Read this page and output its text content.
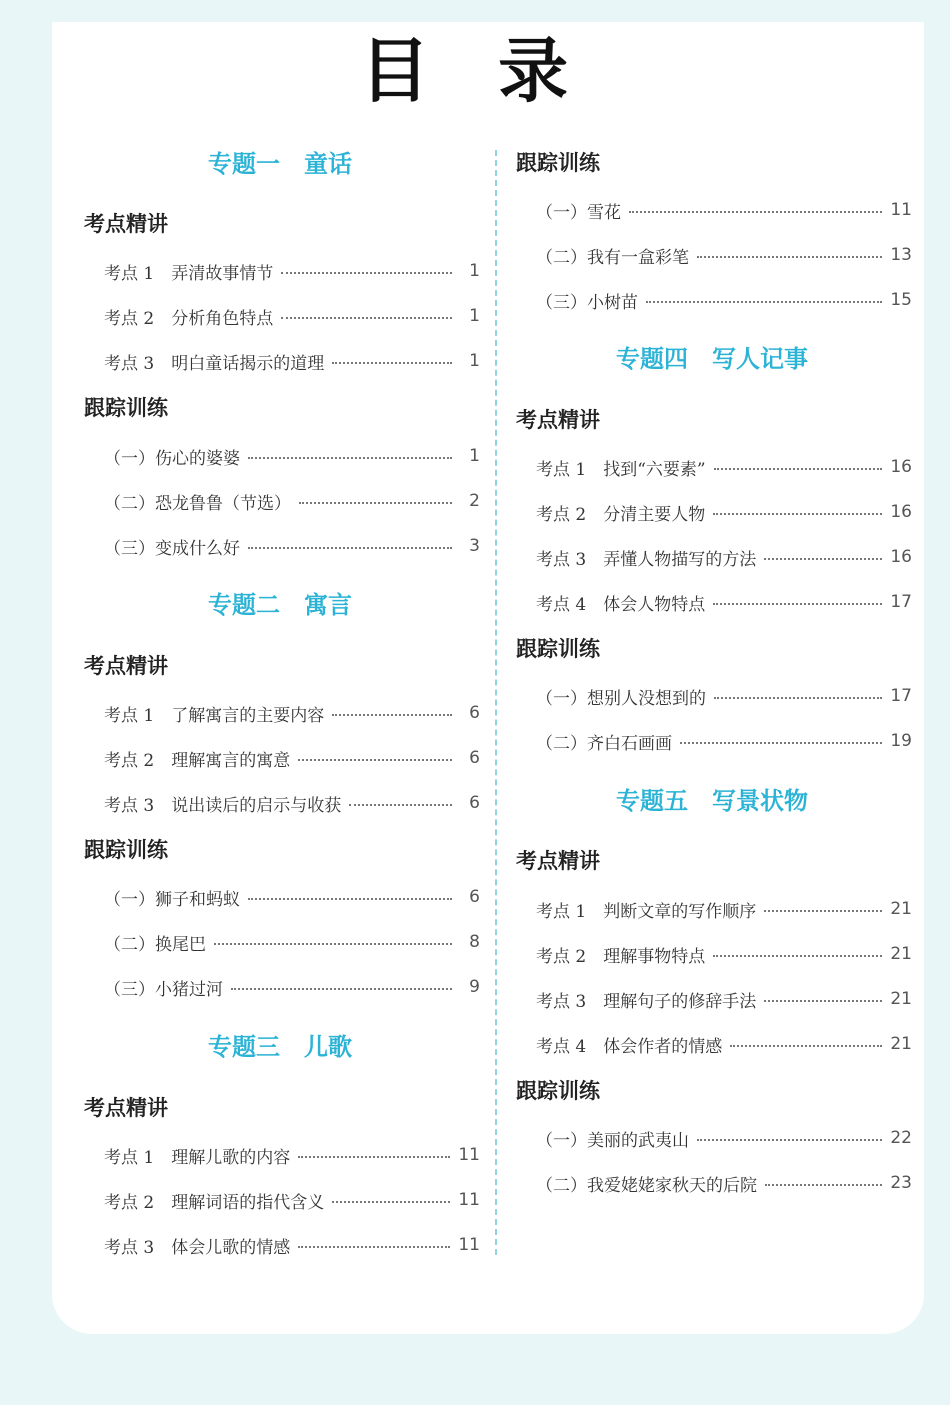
目 录
专题一　童话
考点精讲
考点 1　弄清故事情节	1
考点 2　分析角色特点	1
考点 3　明白童话揭示的道理	1
跟踪训练
（一）伤心的婆婆	1
（二）恐龙鲁鲁（节选）	2
（三）变成什么好	3
专题二　寓言
考点精讲
考点 1　了解寓言的主要内容	6
考点 2　理解寓言的寓意	6
考点 3　说出读后的启示与收获	6
跟踪训练
（一）狮子和蚂蚁	6
（二）换尾巴	8
（三）小猪过河	9
专题三　儿歌
考点精讲
考点 1　理解儿歌的内容	11
考点 2　理解词语的指代含义	11
考点 3　体会儿歌的情感	11
跟踪训练
（一）雪花	11
（二）我有一盒彩笔	13
（三）小树苗	15
专题四　写人记事
考点精讲
考点 1　找到“六要素”	16
考点 2　分清主要人物	16
考点 3　弄懂人物描写的方法	16
考点 4　体会人物特点	17
跟踪训练
（一）想别人没想到的	17
（二）齐白石画画	19
专题五　写景状物
考点精讲
考点 1　判断文章的写作顺序	21
考点 2　理解事物特点	21
考点 3　理解句子的修辞手法	21
考点 4　体会作者的情感	21
跟踪训练
（一）美丽的武夷山	22
（二）我爱姥姥家秋天的后院	23
